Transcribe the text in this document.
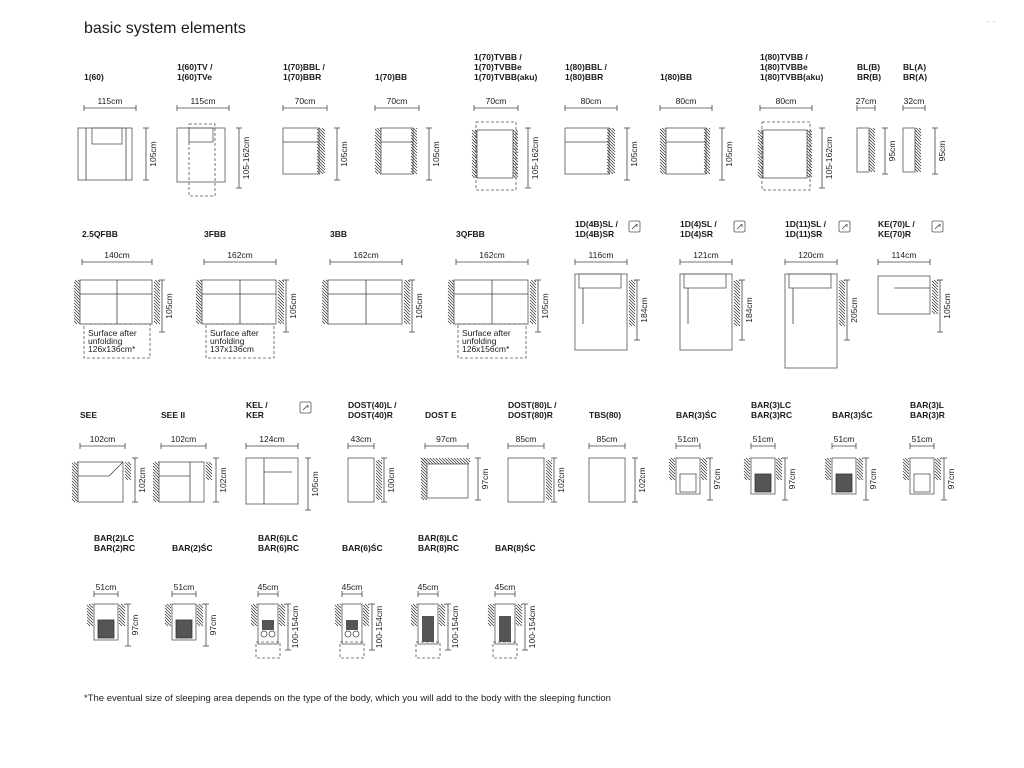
basic system elements	- -
1(60)
115cm
105cm
1(60)TV /
1(60)TVe
115cm
105-162cm
1(70)BBL /
1(70)BBR
70cm
105cm
1(70)BB
70cm
105cm
1(70)TVBB /
1(70)TVBBe
1(70)TVBB(aku)
70cm
105-162cm
1(80)BBL /
1(80)BBR
80cm
105cm
1(80)BB
80cm
105cm
1(80)TVBB /
1(80)TVBBe
1(80)TVBB(aku)
80cm
105-162cm
BL(B)
BR(B)
27cm
95cm
BL(A)
BR(A)
32cm
95cm
2.5QFBB
140cm
Surface after
unfolding
126x136cm*
105cm
3FBB
162cm
Surface after
unfolding
137x136cm
105cm
3BB
162cm
105cm
3QFBB
162cm
Surface after
unfolding
126x156cm*
105cm
1D(4B)SL /
1D(4B)SR
116cm
184cm
1D(4)SL /
1D(4)SR
121cm
184cm
1D(11)SL /
1D(11)SR
120cm
205cm
KE(70)L /
KE(70)R
114cm
105cm
SEE
102cm
102cm
SEE II
102cm
102cm
KEL /
KER
124cm
105cm
DOST(40)L /
DOST(40)R
43cm
100cm
DOST E
97cm
97cm
DOST(80)L /
DOST(80)R
85cm
102cm
TBS(80)
85cm
102cm
BAR(3)ŚC
51cm
97cm
BAR(3)LC
BAR(3)RC
51cm
97cm
BAR(3)ŚC
51cm
97cm
BAR(3)L
BAR(3)R
51cm
97cm
BAR(2)LC
BAR(2)RC
51cm
97cm
BAR(2)ŚC
51cm
97cm
BAR(6)LC
BAR(6)RC
45cm
100-154cm
BAR(6)ŚC
45cm
100-154cm
BAR(8)LC
BAR(8)RC
45cm
100-154cm
BAR(8)ŚC
45cm
100-154cm
*The eventual size of sleeping area depends on the type of the body, which you will add to the body with the sleeping function
